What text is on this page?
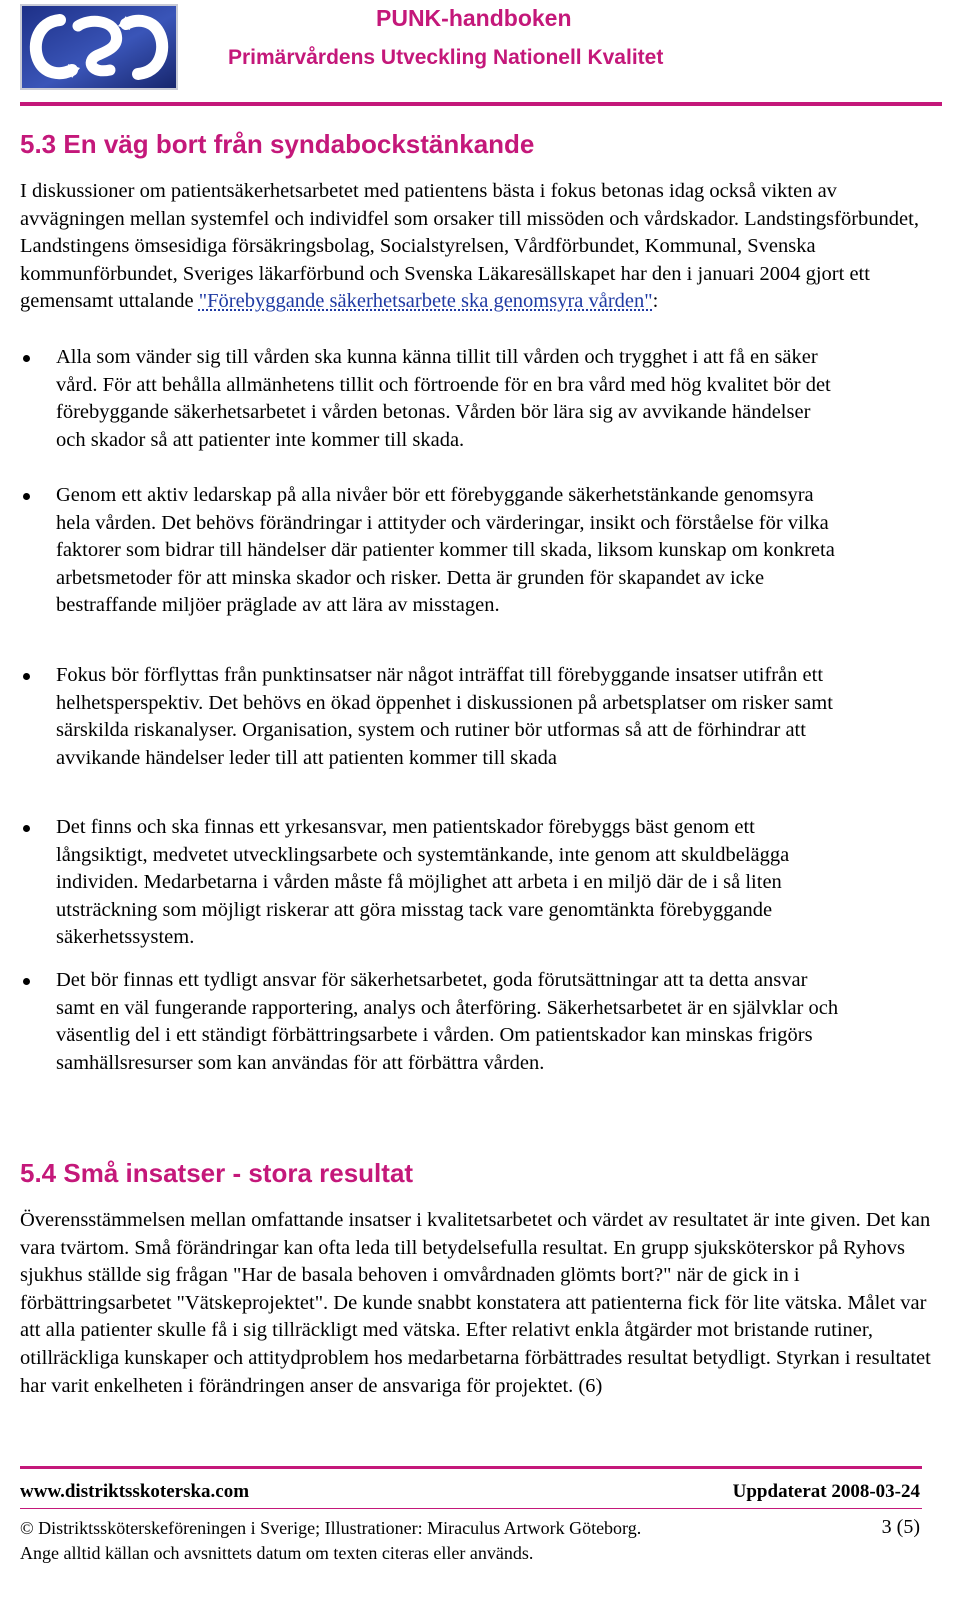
PUNK-handboken
Primärvårdens Utveckling Nationell Kvalitet
5.3 En väg bort från syndabockstänkande

I diskussioner om patientsäkerhetsarbetet med patientens bästa i fokus betonas idag också vikten av avvägningen mellan systemfel och individfel som orsaker till missöden och vårdskador. Landstingsförbundet, Landstingens ömsesidiga försäkringsbolag, Socialstyrelsen, Vårdförbundet, Kommunal, Svenska kommunförbundet, Sveriges läkarförbund och Svenska Läkaresällskapet har den i januari 2004 gjort ett gemensamt uttalande "Förebyggande säkerhetsarbete ska genomsyra vården":

Alla som vänder sig till vården ska kunna känna tillit till vården och trygghet i att få en säker vård. För att behålla allmänhetens tillit och förtroende för en bra vård med hög kvalitet bör det förebyggande säkerhetsarbetet i vården betonas. Vården bör lära sig av avvikande händelser och skador så att patienter inte kommer till skada.
Genom ett aktiv ledarskap på alla nivåer bör ett förebyggande säkerhetstänkande genomsyra hela vården. Det behövs förändringar i attityder och värderingar, insikt och förståelse för vilka faktorer som bidrar till händelser där patienter kommer till skada, liksom kunskap om konkreta arbetsmetoder för att minska skador och risker. Detta är grunden för skapandet av icke bestraffande miljöer präglade av att lära av misstagen.
Fokus bör förflyttas från punktinsatser när något inträffat till förebyggande insatser utifrån ett helhetsperspektiv. Det behövs en ökad öppenhet i diskussionen på arbetsplatser om risker samt särskilda riskanalyser. Organisation, system och rutiner bör utformas så att de förhindrar att avvikande händelser leder till att patienten kommer till skada
Det finns och ska finnas ett yrkesansvar, men patientskador förebyggs bäst genom ett långsiktigt, medvetet utvecklingsarbete och systemtänkande, inte genom att skuldbelägga individen. Medarbetarna i vården måste få möjlighet att arbeta i en miljö där de i så liten utsträckning som möjligt riskerar att göra misstag tack vare genomtänkta förebyggande säkerhetssystem.
Det bör finnas ett tydligt ansvar för säkerhetsarbetet, goda förutsättningar att ta detta ansvar samt en väl fungerande rapportering, analys och återföring. Säkerhetsarbetet är en självklar och väsentlig del i ett ständigt förbättringsarbete i vården. Om patientskador kan minskas frigörs samhällsresurser som kan användas för att förbättra vården.
5.4 Små insatser - stora resultat

Överensstämmelsen mellan omfattande insatser i kvalitetsarbetet och värdet av resultatet är inte given. Det kan vara tvärtom. Små förändringar kan ofta leda till betydelsefulla resultat. En grupp sjuksköterskor på Ryhovs sjukhus ställde sig frågan "Har de basala behoven i omvårdnaden glömts bort?" när de gick in i förbättringsarbetet "Vätskeprojektet". De kunde snabbt konstatera att patienterna fick för lite vätska. Målet var att alla patienter skulle få i sig tillräckligt med vätska. Efter relativt enkla åtgärder mot bristande rutiner, otillräckliga kunskaper och attitydproblem hos medarbetarna förbättrades resultat betydligt. Styrkan i resultatet har varit enkelheten i förändringen anser de ansvariga för projektet. (6)

www.distriktsskoterska.com	Uppdaterat 2008-03-24
© Distriktssköterskeföreningen i Sverige; Illustrationer: Miraculus Artwork Göteborg.	3 (5)
Ange alltid källan och avsnittets datum om texten citeras eller används.
